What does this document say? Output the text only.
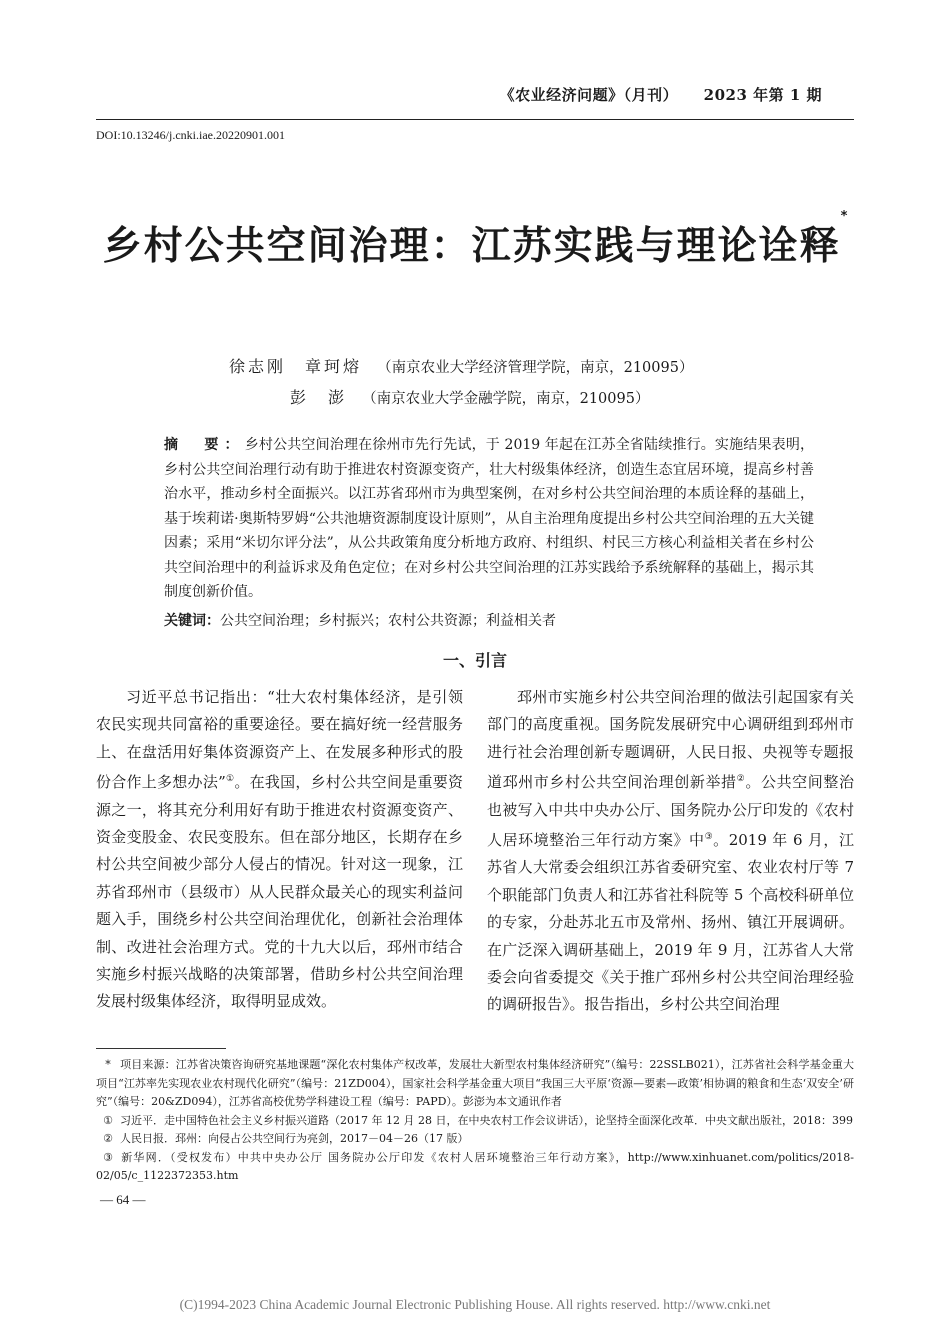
《农业经济问题》（月刊） 2023 年第 1 期
DOI:10.13246/j.cnki.iae.20220901.001
乡村公共空间治理：江苏实践与理论诠释*
徐志刚　章珂熔 （南京农业大学经济管理学院，南京，210095）
彭　澎 （南京农业大学金融学院，南京，210095）
摘　要：乡村公共空间治理在徐州市先行先试，于 2019 年起在江苏全省陆续推行。实施结果表明，乡村公共空间治理行动有助于推进农村资源变资产，壮大村级集体经济，创造生态宜居环境，提高乡村善治水平，推动乡村全面振兴。以江苏省邳州市为典型案例，在对乡村公共空间治理的本质诠释的基础上，基于埃莉诺·奥斯特罗姆“公共池塘资源制度设计原则”，从自主治理角度提出乡村公共空间治理的五大关键因素；采用“米切尔评分法”，从公共政策角度分析地方政府、村组织、村民三方核心利益相关者在乡村公共空间治理中的利益诉求及角色定位；在对乡村公共空间治理的江苏实践给予系统解释的基础上，揭示其制度创新价值。
关键词：公共空间治理；乡村振兴；农村公共资源；利益相关者
一、引言

习近平总书记指出：“壮大农村集体经济，是引领农民实现共同富裕的重要途径。要在搞好统一经营服务上、在盘活用好集体资源资产上、在发展多种形式的股份合作上多想办法”①。在我国，乡村公共空间是重要资源之一，将其充分利用好有助于推进农村资源变资产、资金变股金、农民变股东。但在部分地区，长期存在乡村公共空间被少部分人侵占的情况。针对这一现象，江苏省邳州市（县级市）从人民群众最关心的现实利益问题入手，围绕乡村公共空间治理优化，创新社会治理体制、改进社会治理方式。党的十九大以后，邳州市结合实施乡村振兴战略的决策部署，借助乡村公共空间治理发展村级集体经济，取得明显成效。

邳州市实施乡村公共空间治理的做法引起国家有关部门的高度重视。国务院发展研究中心调研组到邳州市进行社会治理创新专题调研，人民日报、央视等专题报道邳州市乡村公共空间治理创新举措②。公共空间整治也被写入中共中央办公厅、国务院办公厅印发的《农村人居环境整治三年行动方案》中③。2019 年 6 月，江苏省人大常委会组织江苏省委研究室、农业农村厅等 7 个职能部门负责人和江苏省社科院等 5 个高校科研单位的专家，分赴苏北五市及常州、扬州、镇江开展调研。在广泛深入调研基础上，2019 年 9 月，江苏省人大常委会向省委提交《关于推广邳州乡村公共空间治理经验的调研报告》。报告指出，乡村公共空间治理

* 项目来源：江苏省决策咨询研究基地课题“深化农村集体产权改革，发展壮大新型农村集体经济研究”（编号：22SSLB021），江苏省社会科学基金重大项目“江苏率先实现农业农村现代化研究”（编号：21ZD004），国家社会科学基金重大项目“我国三大平原‘资源—要素—政策’相协调的粮食和生态‘双安全’研究”（编号：20&ZD094），江苏省高校优势学科建设工程（编号：PAPD）。彭澎为本文通讯作者

① 习近平．走中国特色社会主义乡村振兴道路（2017 年 12 月 28 日，在中央农村工作会议讲话），论坚持全面深化改革．中央文献出版社，2018：399

② 人民日报．邳州：向侵占公共空间行为亮剑，2017－04－26（17 版）

③ 新华网．（受权发布）中共中央办公厅 国务院办公厅印发《农村人居环境整治三年行动方案》，http://www.xinhuanet.com/politics/2018-02/05/c_1122372353.htm

— 64 —
(C)1994-2023 China Academic Journal Electronic Publishing House. All rights reserved. http://www.cnki.net
